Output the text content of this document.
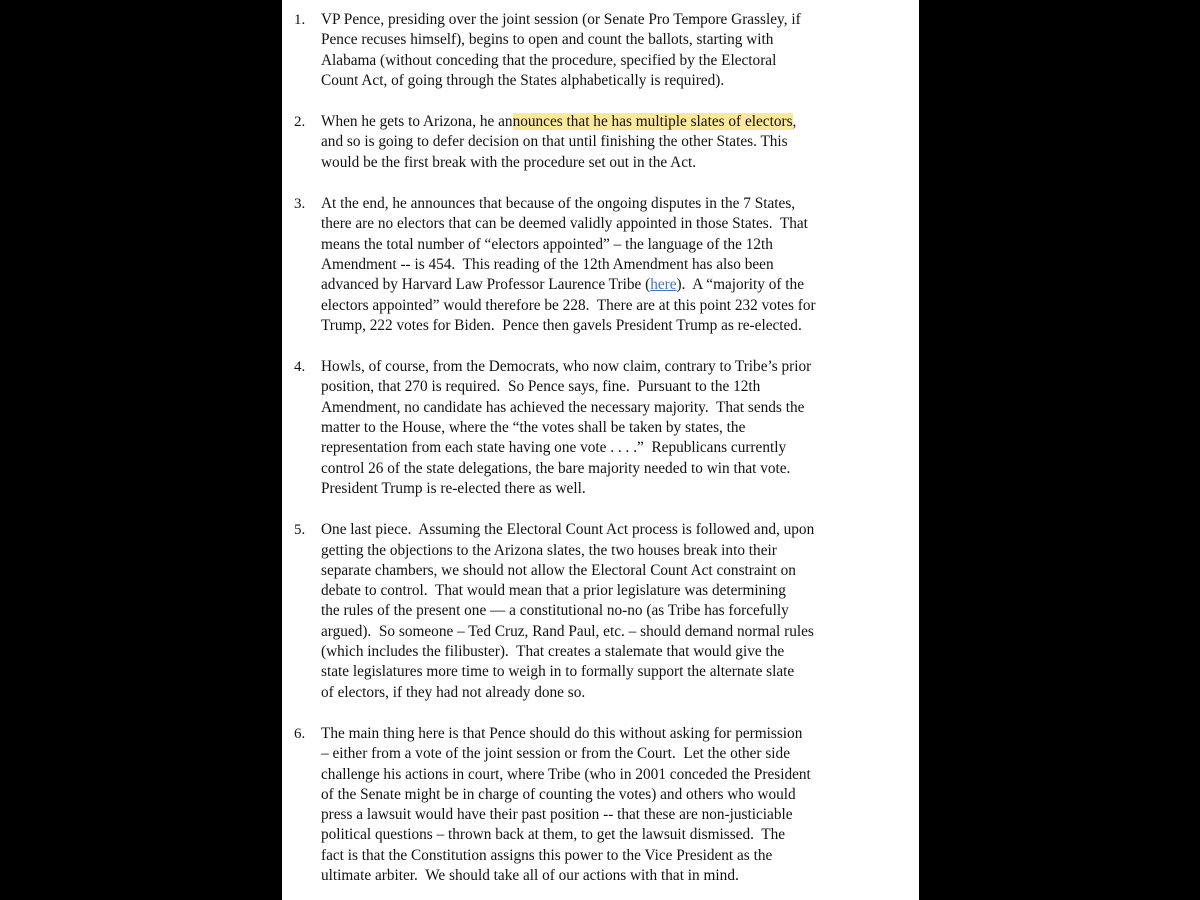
1. VP Pence, presiding over the joint session (or Senate Pro Tempore Grassley, if
Pence recuses himself), begins to open and count the ballots, starting with
Alabama (without conceding that the procedure, specified by the Electoral
Count Act, of going through the States alphabetically is required).
2. When he gets to Arizona, he announces that he has multiple slates of electors,
and so is going to defer decision on that until finishing the other States. This
would be the first break with the procedure set out in the Act.
3. At the end, he announces that because of the ongoing disputes in the 7 States,
there are no electors that can be deemed validly appointed in those States.  That
means the total number of “electors appointed” – the language of the 12th
Amendment -- is 454.  This reading of the 12th Amendment has also been
advanced by Harvard Law Professor Laurence Tribe (here).  A “majority of the
electors appointed” would therefore be 228.  There are at this point 232 votes for
Trump, 222 votes for Biden.  Pence then gavels President Trump as re-elected.
4. Howls, of course, from the Democrats, who now claim, contrary to Tribe’s prior
position, that 270 is required.  So Pence says, fine.  Pursuant to the 12th
Amendment, no candidate has achieved the necessary majority.  That sends the
matter to the House, where the “the votes shall be taken by states, the
representation from each state having one vote . . . .”  Republicans currently
control 26 of the state delegations, the bare majority needed to win that vote.
President Trump is re-elected there as well.
5. One last piece.  Assuming the Electoral Count Act process is followed and, upon
getting the objections to the Arizona slates, the two houses break into their
separate chambers, we should not allow the Electoral Count Act constraint on
debate to control.  That would mean that a prior legislature was determining
the rules of the present one — a constitutional no-no (as Tribe has forcefully
argued).  So someone – Ted Cruz, Rand Paul, etc. – should demand normal rules
(which includes the filibuster).  That creates a stalemate that would give the
state legislatures more time to weigh in to formally support the alternate slate
of electors, if they had not already done so.
6. The main thing here is that Pence should do this without asking for permission
– either from a vote of the joint session or from the Court.  Let the other side
challenge his actions in court, where Tribe (who in 2001 conceded the President
of the Senate might be in charge of counting the votes) and others who would
press a lawsuit would have their past position -- that these are non-justiciable
political questions – thrown back at them, to get the lawsuit dismissed.  The
fact is that the Constitution assigns this power to the Vice President as the
ultimate arbiter.  We should take all of our actions with that in mind.
